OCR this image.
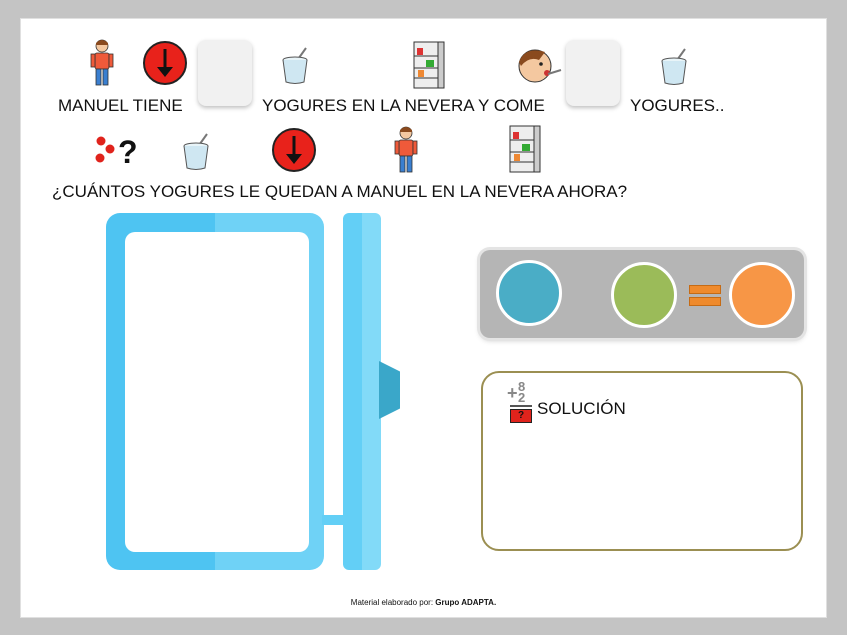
MANUEL TIENE	YOGURES EN LA NEVERA Y COME	YOGURES..
?
¿CUÁNTOS YOGURES LE QUEDAN A MANUEL EN LA NEVERA AHORA?
8
+ 2
? SOLUCIÓN
Material elaborado por: Grupo ADAPTA.
